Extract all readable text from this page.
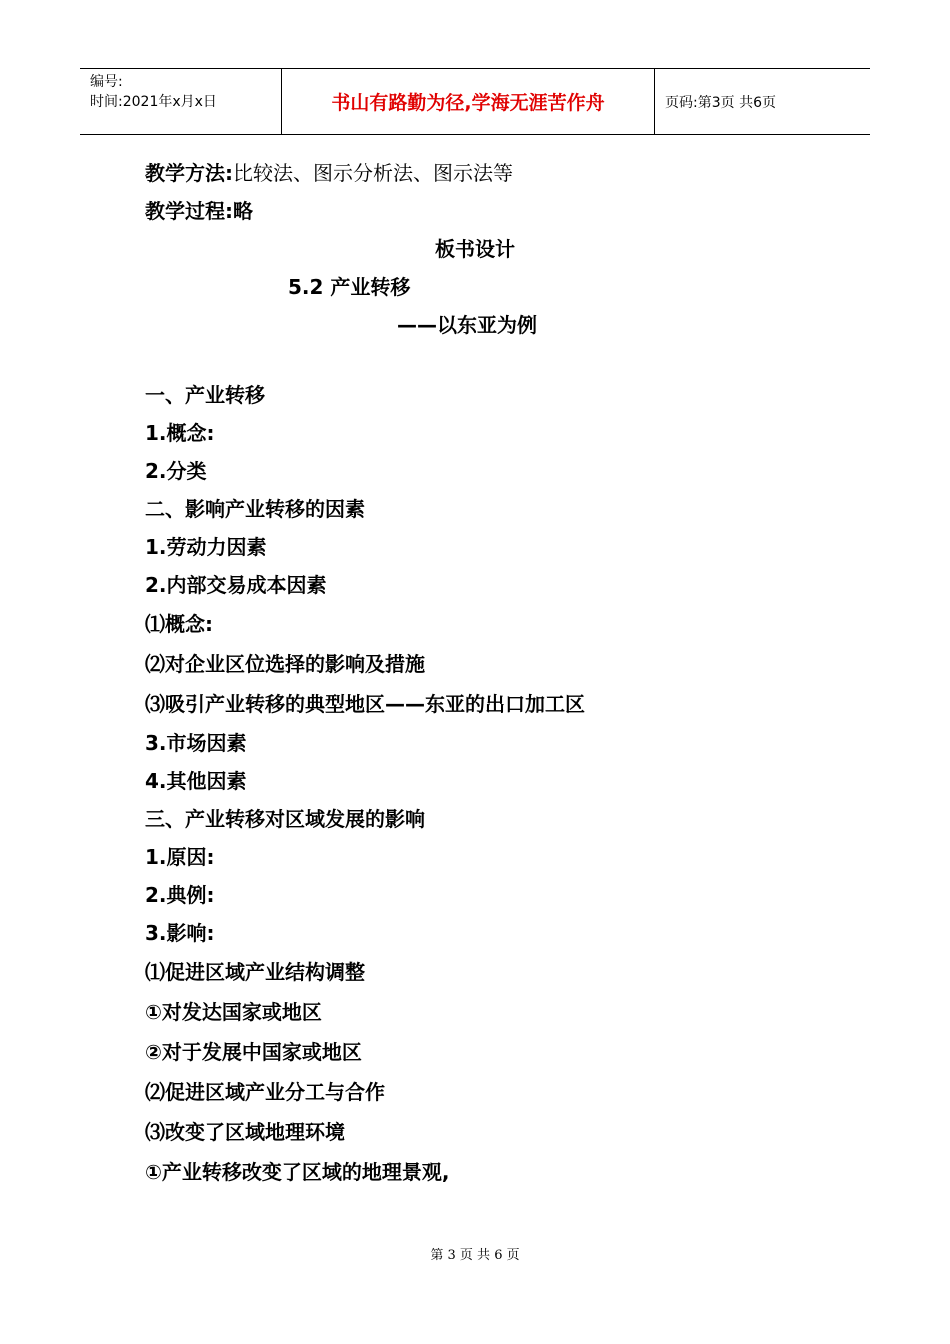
编号:
时间:2021年x月x日	书山有路勤为径,学海无涯苦作舟	页码:第3页 共6页
教学方法:比较法、图示分析法、图示法等
教学过程:略
板书设计
5.2 产业转移
——以东亚为例
一、产业转移
1.概念:
2.分类
二、影响产业转移的因素
1.劳动力因素
2.内部交易成本因素
⑴概念:
⑵对企业区位选择的影响及措施
⑶吸引产业转移的典型地区——东亚的出口加工区
3.市场因素
4.其他因素
三、产业转移对区域发展的影响
1.原因:
2.典例:
3.影响:
⑴促进区域产业结构调整
①对发达国家或地区
②对于发展中国家或地区
⑵促进区域产业分工与合作
⑶改变了区域地理环境
①产业转移改变了区域的地理景观,
第 3 页 共 6 页
